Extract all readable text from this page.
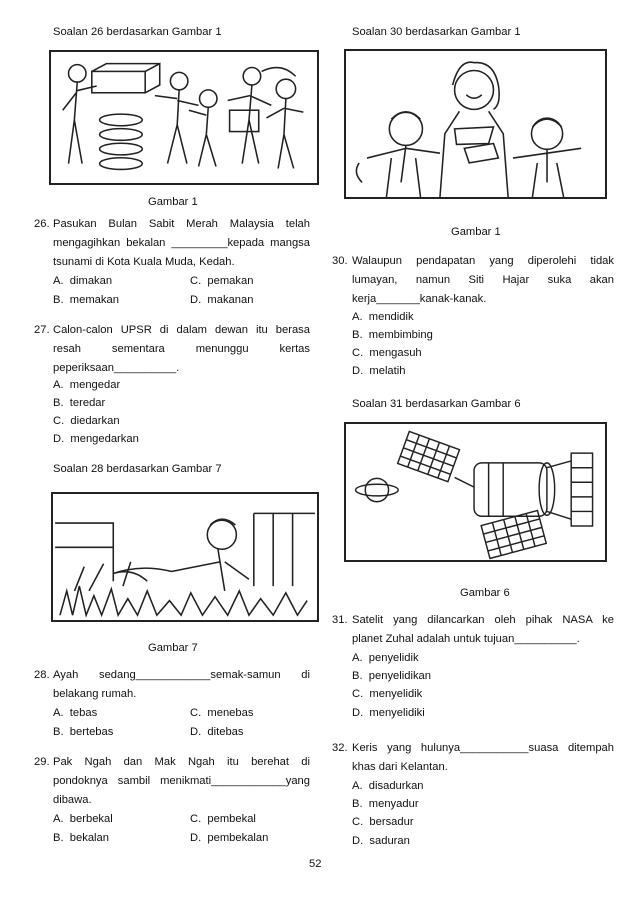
Soalan 26 berdasarkan Gambar 1
Gambar 1
26. Pasukan Bulan Sabit Merah Malaysia telah
mengagihkan bekalan _________kepada mangsa
tsunami di Kota Kuala Muda, Kedah.
A. dimakan	C. pemakan
B. memakan	D. makanan
27. Calon-calon UPSR di dalam dewan itu berasa
resah sementara menunggu kertas
peperiksaan__________.
A. mengedar
B. teredar
C. diedarkan
D. mengedarkan
Soalan 28 berdasarkan Gambar 7
Gambar 7
28. Ayah sedang____________semak-samun di
belakang rumah.
A. tebas	C. menebas
B. bertebas	D. ditebas
29. Pak Ngah dan Mak Ngah itu berehat di
pondoknya sambil menikmati____________yang
dibawa.
A. berbekal	C. pembekal
B. bekalan	D. pembekalan
Soalan 30 berdasarkan Gambar 1
Gambar 1
30. Walaupun pendapatan yang diperolehi tidak
lumayan, namun Siti Hajar suka akan
kerja_______kanak-kanak.
A. mendidik
B. membimbing
C. mengasuh
D. melatih
Soalan 31 berdasarkan Gambar 6
Gambar 6
31. Satelit yang dilancarkan oleh pihak NASA ke
planet Zuhal adalah untuk tujuan__________.
A. penyelidik
B. penyelidikan
C. menyelidik
D. menyelidiki
32. Keris yang hulunya___________suasa ditempah
khas dari Kelantan.
A. disadurkan
B. menyadur
C. bersadur
D. saduran
52
